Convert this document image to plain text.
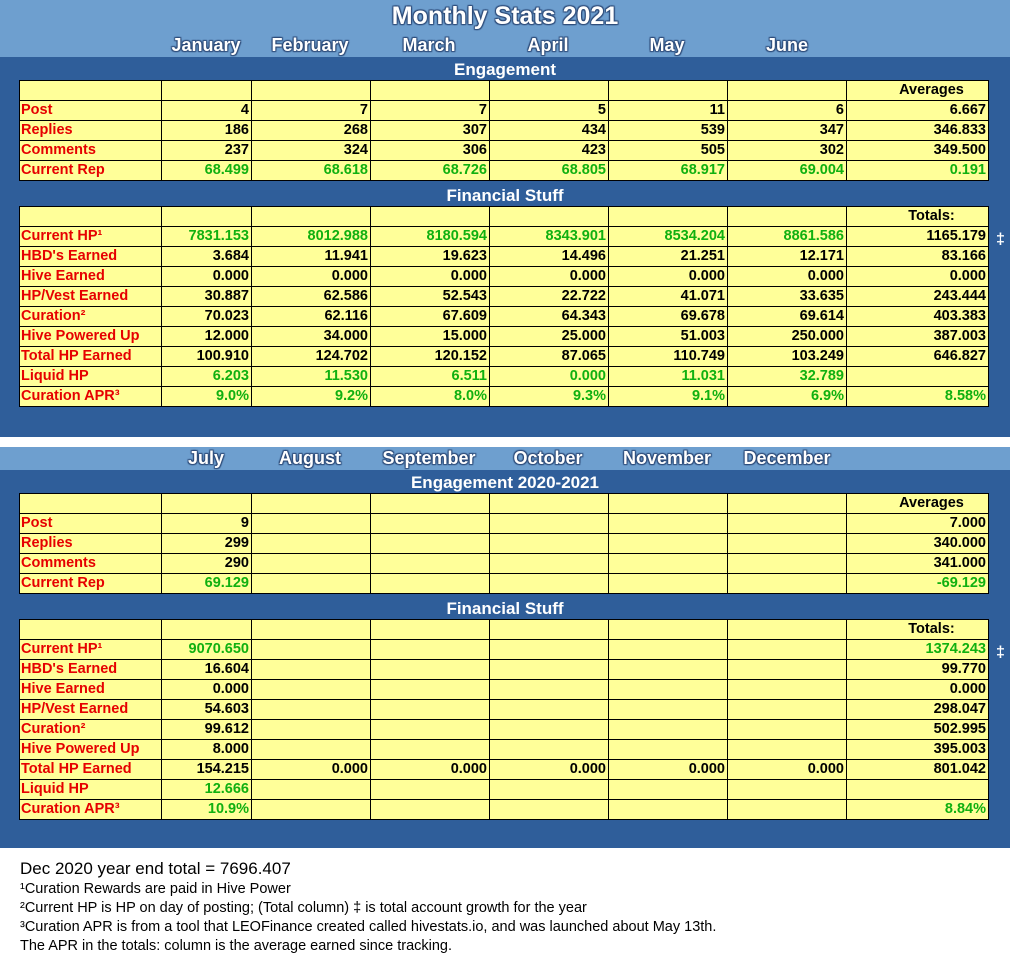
Monthly Stats 2021
January	February	March	April	May	June
Engagement
							Averages
Post	4	7	7	5	11	6	6.667
Replies	186	268	307	434	539	347	346.833
Comments	237	324	306	423	505	302	349.500
Current Rep	68.499	68.618	68.726	68.805	68.917	69.004	0.191
Financial Stuff
							Totals:
Current HP¹	7831.153	8012.988	8180.594	8343.901	8534.204	8861.586	1165.179
HBD's Earned	3.684	11.941	19.623	14.496	21.251	12.171	83.166
Hive Earned	0.000	0.000	0.000	0.000	0.000	0.000	0.000
HP/Vest Earned	30.887	62.586	52.543	22.722	41.071	33.635	243.444
Curation²	70.023	62.116	67.609	64.343	69.678	69.614	403.383
Hive Powered Up	12.000	34.000	15.000	25.000	51.003	250.000	387.003
Total HP Earned	100.910	124.702	120.152	87.065	110.749	103.249	646.827
Liquid HP	6.203	11.530	6.511	0.000	11.031	32.789	
Curation APR³	9.0%	9.2%	8.0%	9.3%	9.1%	6.9%	8.58%
‡
July	August	September	October	November	December
Engagement 2020-2021
							Averages
Post	9						7.000
Replies	299						340.000
Comments	290						341.000
Current Rep	69.129						-69.129
Financial Stuff
							Totals:
Current HP¹	9070.650						1374.243
HBD's Earned	16.604						99.770
Hive Earned	0.000						0.000
HP/Vest Earned	54.603						298.047
Curation²	99.612						502.995
Hive Powered Up	8.000						395.003
Total HP Earned	154.215	0.000	0.000	0.000	0.000	0.000	801.042
Liquid HP	12.666						
Curation APR³	10.9%						8.84%
‡
Dec 2020 year end total = 7696.407
¹Curation Rewards are paid in Hive Power
²Current HP is HP on day of posting; (Total column) ‡ is total account growth for the year
³Curation APR is from a tool that LEOFinance created called hivestats.io, and was launched about May 13th.
The APR in the totals: column is the average earned since tracking.
